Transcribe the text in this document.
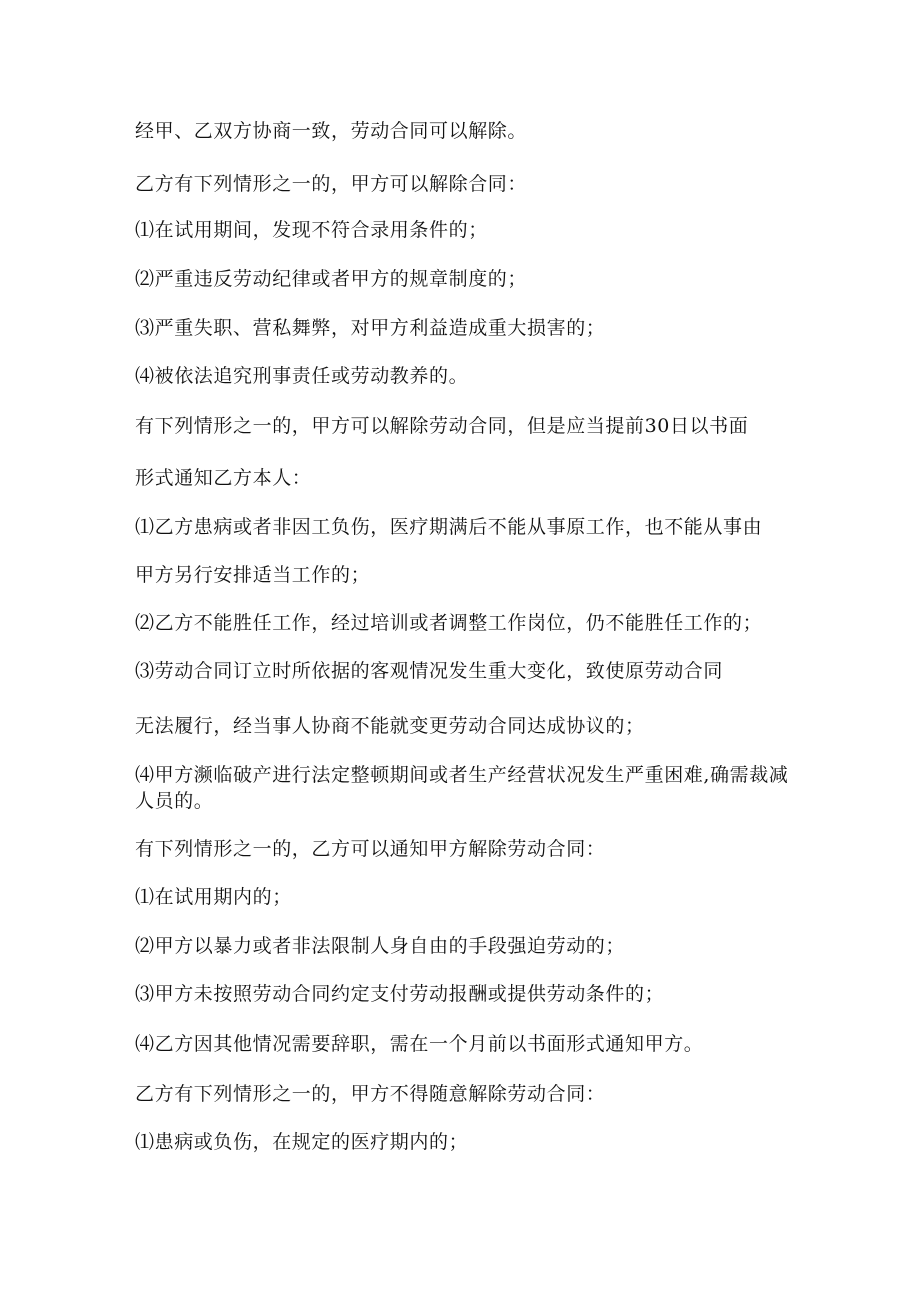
经甲、乙双方协商一致，劳动合同可以解除。
乙方有下列情形之一的，甲方可以解除合同：
⑴在试用期间，发现不符合录用条件的；
⑵严重违反劳动纪律或者甲方的规章制度的；
⑶严重失职、营私舞弊，对甲方利益造成重大损害的；
⑷被依法追究刑事责任或劳动教养的。
有下列情形之一的，甲方可以解除劳动合同，但是应当提前30日以书面
形式通知乙方本人：
⑴乙方患病或者非因工负伤，医疗期满后不能从事原工作，也不能从事由
甲方另行安排适当工作的；
⑵乙方不能胜任工作，经过培训或者调整工作岗位，仍不能胜任工作的；
⑶劳动合同订立时所依据的客观情况发生重大变化，致使原劳动合同
无法履行，经当事人协商不能就变更劳动合同达成协议的；
⑷甲方濒临破产进行法定整顿期间或者生产经营状况发生严重困难,确需裁减人员的。
有下列情形之一的，乙方可以通知甲方解除劳动合同：
⑴在试用期内的；
⑵甲方以暴力或者非法限制人身自由的手段强迫劳动的；
⑶甲方未按照劳动合同约定支付劳动报酬或提供劳动条件的；
⑷乙方因其他情况需要辞职，需在一个月前以书面形式通知甲方。
乙方有下列情形之一的，甲方不得随意解除劳动合同：
⑴患病或负伤，在规定的医疗期内的；
